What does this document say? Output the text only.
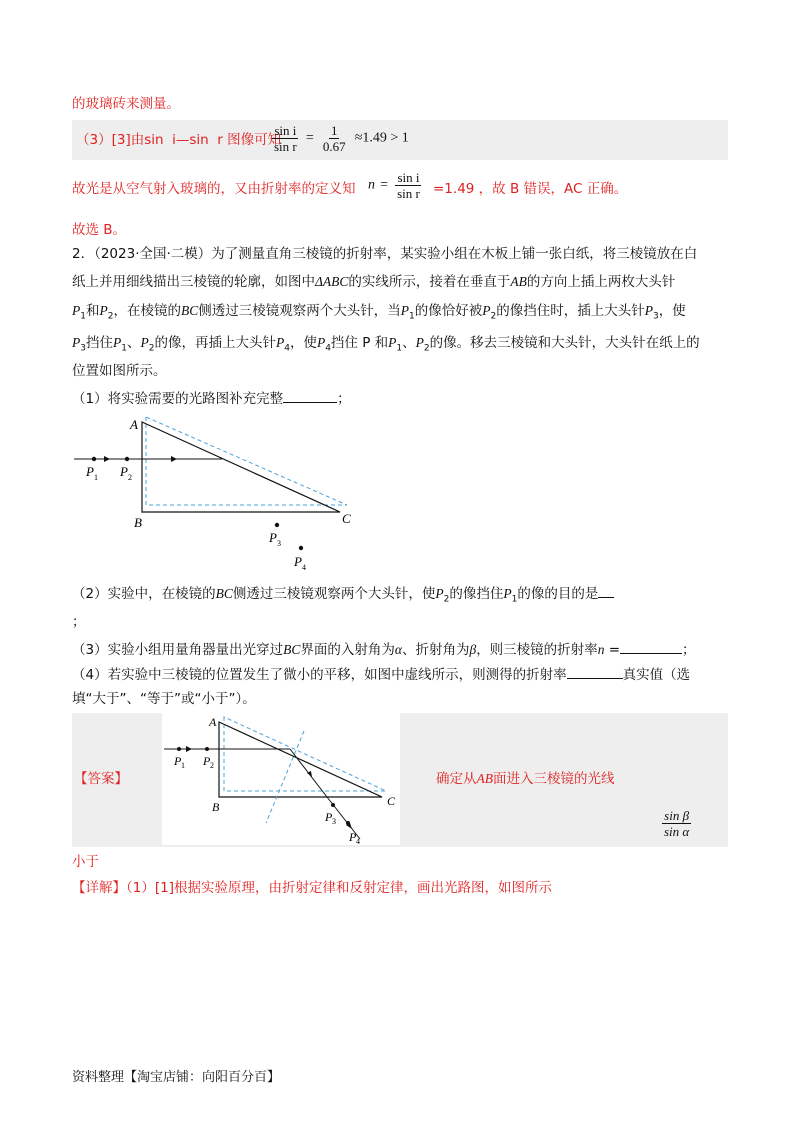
的玻璃砖来测量。
（3）[3]由sin  i—sin  r 图像可知
$\frac{\text{sin i}}{\text{sin r}} = \frac{1}{0.67} \approx 1.49 > 1$
故光是从空气射入玻璃的，又由折射率的定义知 $n = \frac{\text{sin i}}{\text{sin r}} =1.49$ ，故 B 错误，AC 正确。
故选 B。
2．（2023·全国·二模）为了测量直角三棱镜的折射率，某实验小组在木板上铺一张白纸，将三棱镜放在白
纸上并用细线描出三棱镜的轮廓，如图中ΔABC的实线所示，接着在垂直于AB的方向上插上两枚大头针
$P_1$和$P_2$，在棱镜的BC侧透过三棱镜观察两个大头针，当$P_1$的像恰好被$P_2$的像挡住时，插上大头针$P_3$，使
$P_3$挡住$P_1$、$P_2$的像，再插上大头针$P_4$，使$P_4$挡住 P 和$P_1$、$P_2$的像。移去三棱镜和大头针，大头针在纸上的
位置如图所示。
（1）将实验需要的光路图补充完整	；
A
B	C
P 1 P 2
P 3
P 4
（2）实验中，在棱镜的BC侧透过三棱镜观察两个大头针，使$P_2$的像挡住$P_1$的像的目的是
；
（3）实验小组用量角器量出光穿过BC界面的入射角为α、折射角为β，则三棱镜的折射率n =	；
（4）若实验中三棱镜的位置发生了微小的平移，如图中虚线所示，则测得的折射率	真实值（选
填“大于”、“等于”或“小于”）。
【答案】
A
B	C
P 1 P 2
P 3
P 4
确定从AB面进入三棱镜的光线
$\frac{\text{sin β}}{\text{sin α}}$
小于
【详解】（1）[1]根据实验原理，由折射定律和反射定律，画出光路图，如图所示
资料整理【淘宝店铺：向阳百分百】
